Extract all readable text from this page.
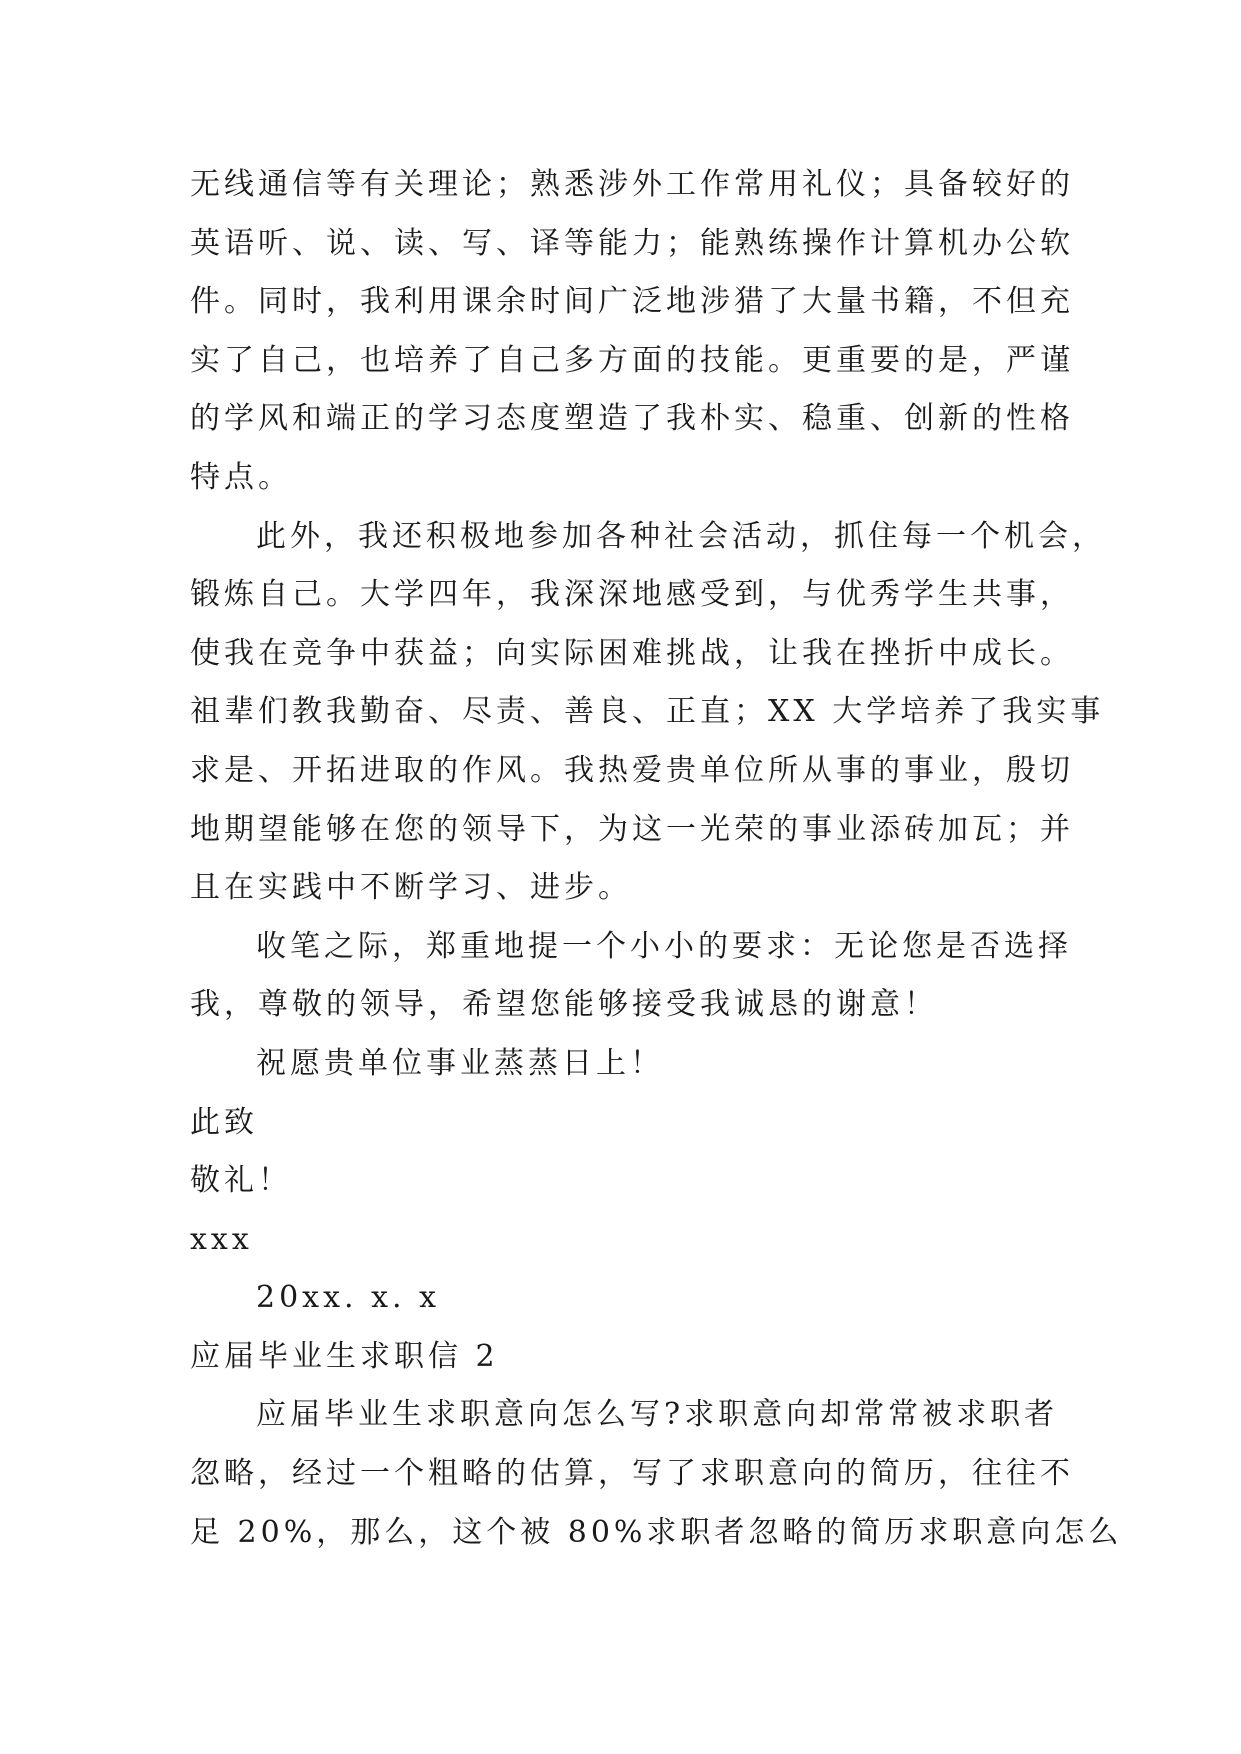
无线通信等有关理论；熟悉涉外工作常用礼仪；具备较好的
英语听、说、读、写、译等能力；能熟练操作计算机办公软
件。同时，我利用课余时间广泛地涉猎了大量书籍，不但充
实了自己，也培养了自己多方面的技能。更重要的是，严谨
的学风和端正的学习态度塑造了我朴实、稳重、创新的性格
特点。
此外，我还积极地参加各种社会活动，抓住每一个机会，
锻炼自己。大学四年，我深深地感受到，与优秀学生共事，
使我在竞争中获益；向实际困难挑战，让我在挫折中成长。
祖辈们教我勤奋、尽责、善良、正直；XX 大学培养了我实事
求是、开拓进取的作风。我热爱贵单位所从事的事业，殷切
地期望能够在您的领导下，为这一光荣的事业添砖加瓦；并
且在实践中不断学习、进步。
收笔之际，郑重地提一个小小的要求：无论您是否选择
我，尊敬的领导，希望您能够接受我诚恳的谢意！
祝愿贵单位事业蒸蒸日上！
此致
敬礼！
xxx
20xx. x. x
应届毕业生求职信 2
应届毕业生求职意向怎么写?求职意向却常常被求职者
忽略，经过一个粗略的估算，写了求职意向的简历，往往不
足 20%，那么，这个被 80%求职者忽略的简历求职意向怎么
